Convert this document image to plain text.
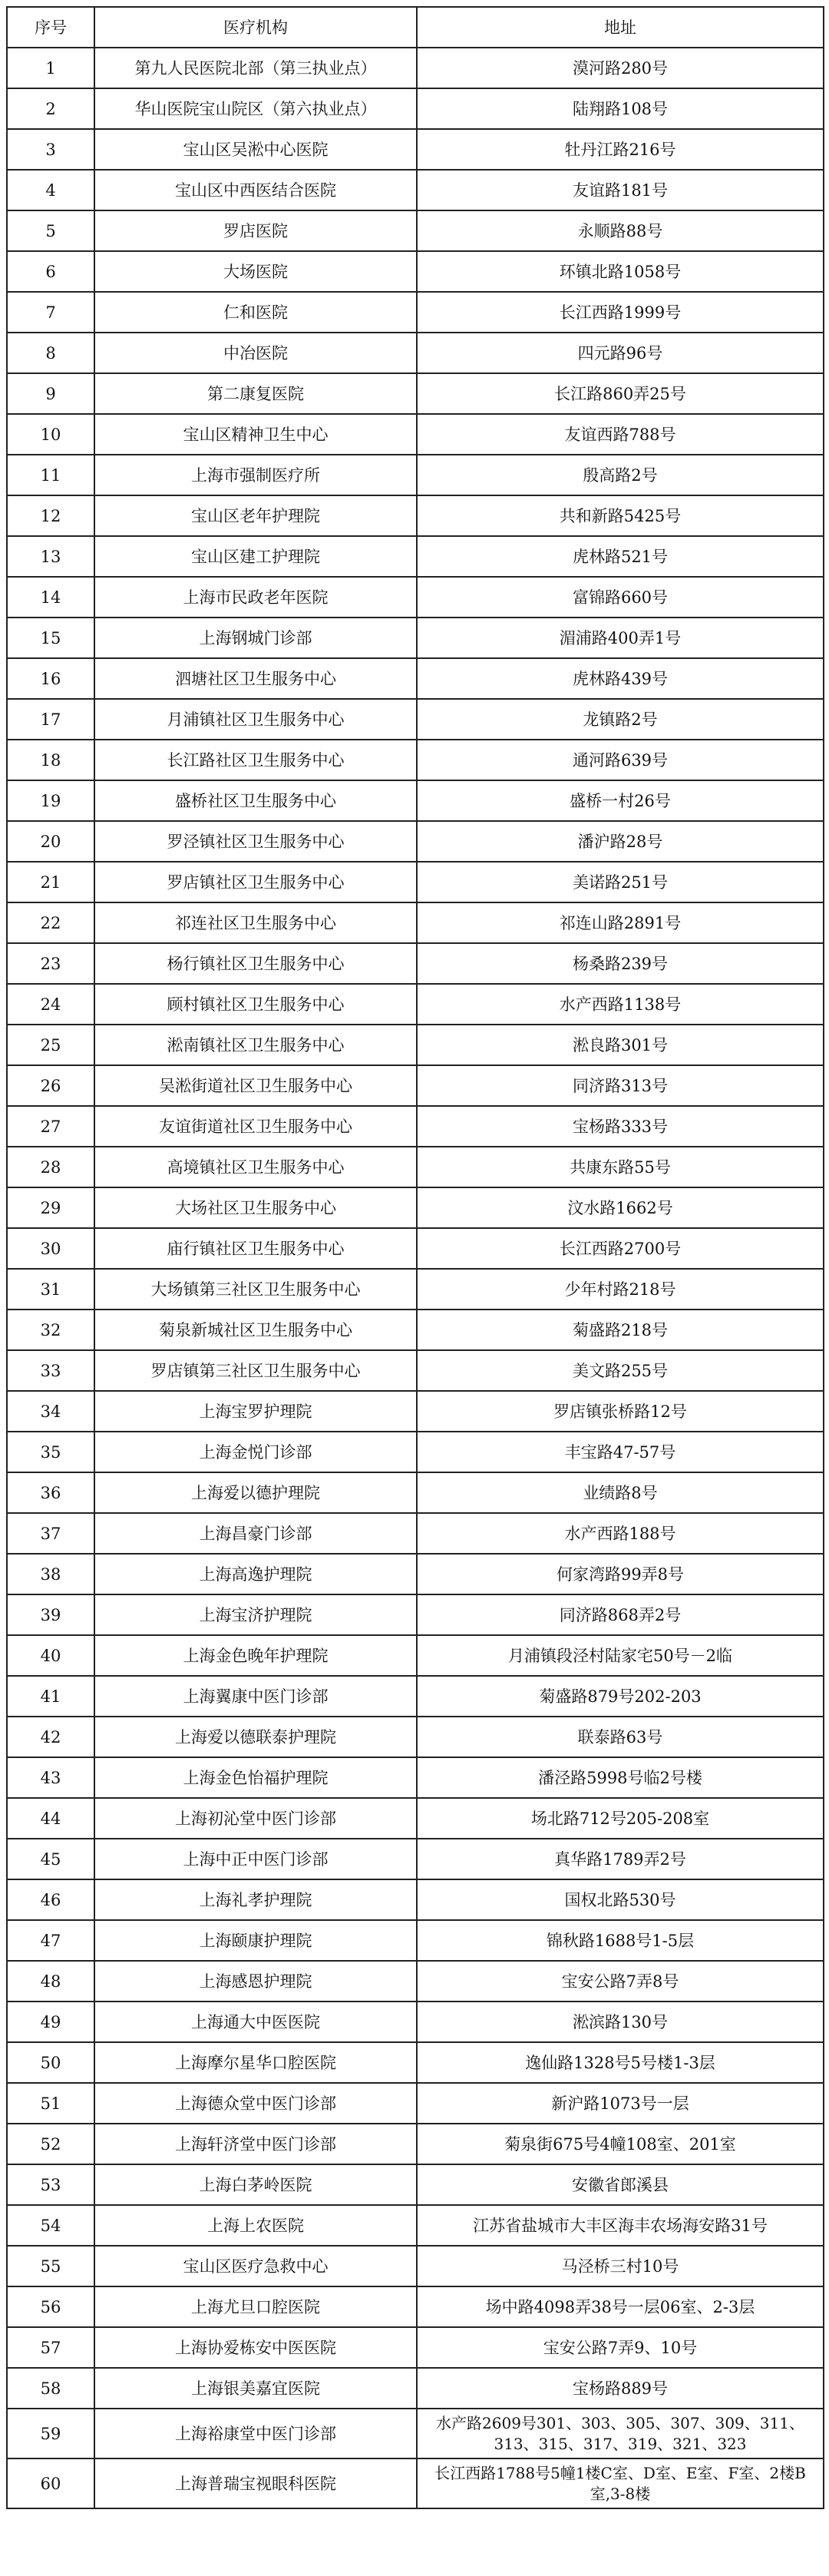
序号	医疗机构	地址
1	第九人民医院北部（第三执业点）	漠河路280号
2	华山医院宝山院区（第六执业点）	陆翔路108号
3	宝山区吴淞中心医院	牡丹江路216号
4	宝山区中西医结合医院	友谊路181号
5	罗店医院	永顺路88号
6	大场医院	环镇北路1058号
7	仁和医院	长江西路1999号
8	中冶医院	四元路96号
9	第二康复医院	长江路860弄25号
10	宝山区精神卫生中心	友谊西路788号
11	上海市强制医疗所	殷高路2号
12	宝山区老年护理院	共和新路5425号
13	宝山区建工护理院	虎林路521号
14	上海市民政老年医院	富锦路660号
15	上海钢城门诊部	湄浦路400弄1号
16	泗塘社区卫生服务中心	虎林路439号
17	月浦镇社区卫生服务中心	龙镇路2号
18	长江路社区卫生服务中心	通河路639号
19	盛桥社区卫生服务中心	盛桥一村26号
20	罗泾镇社区卫生服务中心	潘沪路28号
21	罗店镇社区卫生服务中心	美诺路251号
22	祁连社区卫生服务中心	祁连山路2891号
23	杨行镇社区卫生服务中心	杨桑路239号
24	顾村镇社区卫生服务中心	水产西路1138号
25	淞南镇社区卫生服务中心	淞良路301号
26	吴淞街道社区卫生服务中心	同济路313号
27	友谊街道社区卫生服务中心	宝杨路333号
28	高境镇社区卫生服务中心	共康东路55号
29	大场社区卫生服务中心	汶水路1662号
30	庙行镇社区卫生服务中心	长江西路2700号
31	大场镇第三社区卫生服务中心	少年村路218号
32	菊泉新城社区卫生服务中心	菊盛路218号
33	罗店镇第三社区卫生服务中心	美文路255号
34	上海宝罗护理院	罗店镇张桥路12号
35	上海金悦门诊部	丰宝路47-57号
36	上海爱以德护理院	业绩路8号
37	上海昌豪门诊部	水产西路188号
38	上海高逸护理院	何家湾路99弄8号
39	上海宝济护理院	同济路868弄2号
40	上海金色晚年护理院	月浦镇段泾村陆家宅50号－2临
41	上海翼康中医门诊部	菊盛路879号202-203
42	上海爱以德联泰护理院	联泰路63号
43	上海金色怡福护理院	潘泾路5998号临2号楼
44	上海初沁堂中医门诊部	场北路712号205-208室
45	上海中正中医门诊部	真华路1789弄2号
46	上海礼孝护理院	国权北路530号
47	上海颐康护理院	锦秋路1688号1-5层
48	上海感恩护理院	宝安公路7弄8号
49	上海通大中医医院	淞滨路130号
50	上海摩尔星华口腔医院	逸仙路1328号5号楼1-3层
51	上海德众堂中医门诊部	新沪路1073号一层
52	上海轩济堂中医门诊部	菊泉街675号4幢108室、201室
53	上海白茅岭医院	安徽省郎溪县
54	上海上农医院	江苏省盐城市大丰区海丰农场海安路31号
55	宝山区医疗急救中心	马泾桥三村10号
56	上海尤旦口腔医院	场中路4098弄38号一层06室、2-3层
57	上海协爱栋安中医医院	宝安公路7弄9、10号
58	上海银美嘉宜医院	宝杨路889号
59	上海裕康堂中医门诊部	水产路2609号301、303、305、307、309、311、313、315、317、319、321、323
60	上海普瑞宝视眼科医院	长江西路1788号5幢1楼C室、D室、E室、F室、2楼B室,3-8楼
